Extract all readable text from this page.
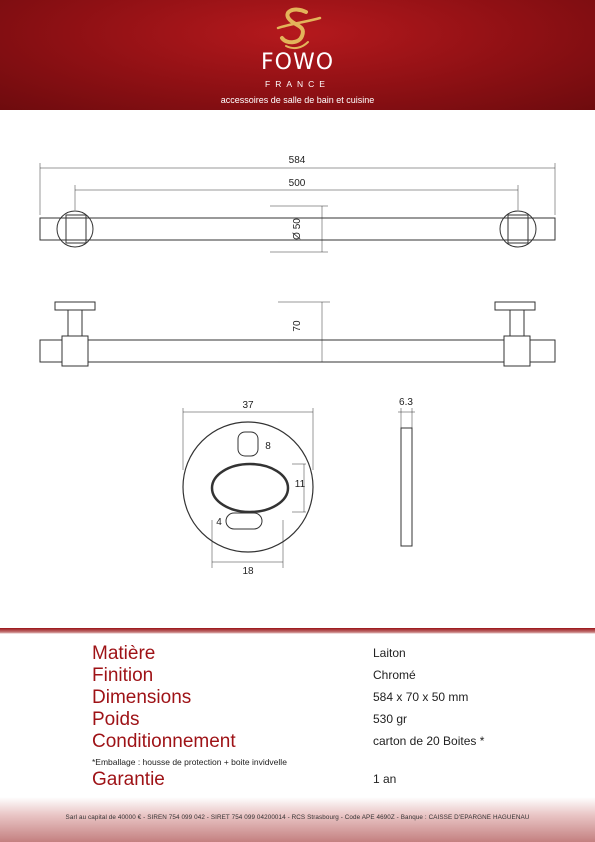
FOWO
FRANCE
accessoires de salle de bain et cuisine
584
500
Ø 50
70
37
8
11
4
18
6.3
Matière	Laiton
Finition	Chromé
Dimensions	584 x 70 x 50 mm
Poids	530 gr
Conditionnement	carton de 20 Boites *
*Emballage : housse de protection + boite invidvelle
Garantie	1 an
Sarl au capital de 40000 € - SIREN 754 099 042 - SIRET 754 099 04200014 - RCS Strasbourg - Code APE 4690Z - Banque : CAISSE D'EPARGNE HAGUENAU
